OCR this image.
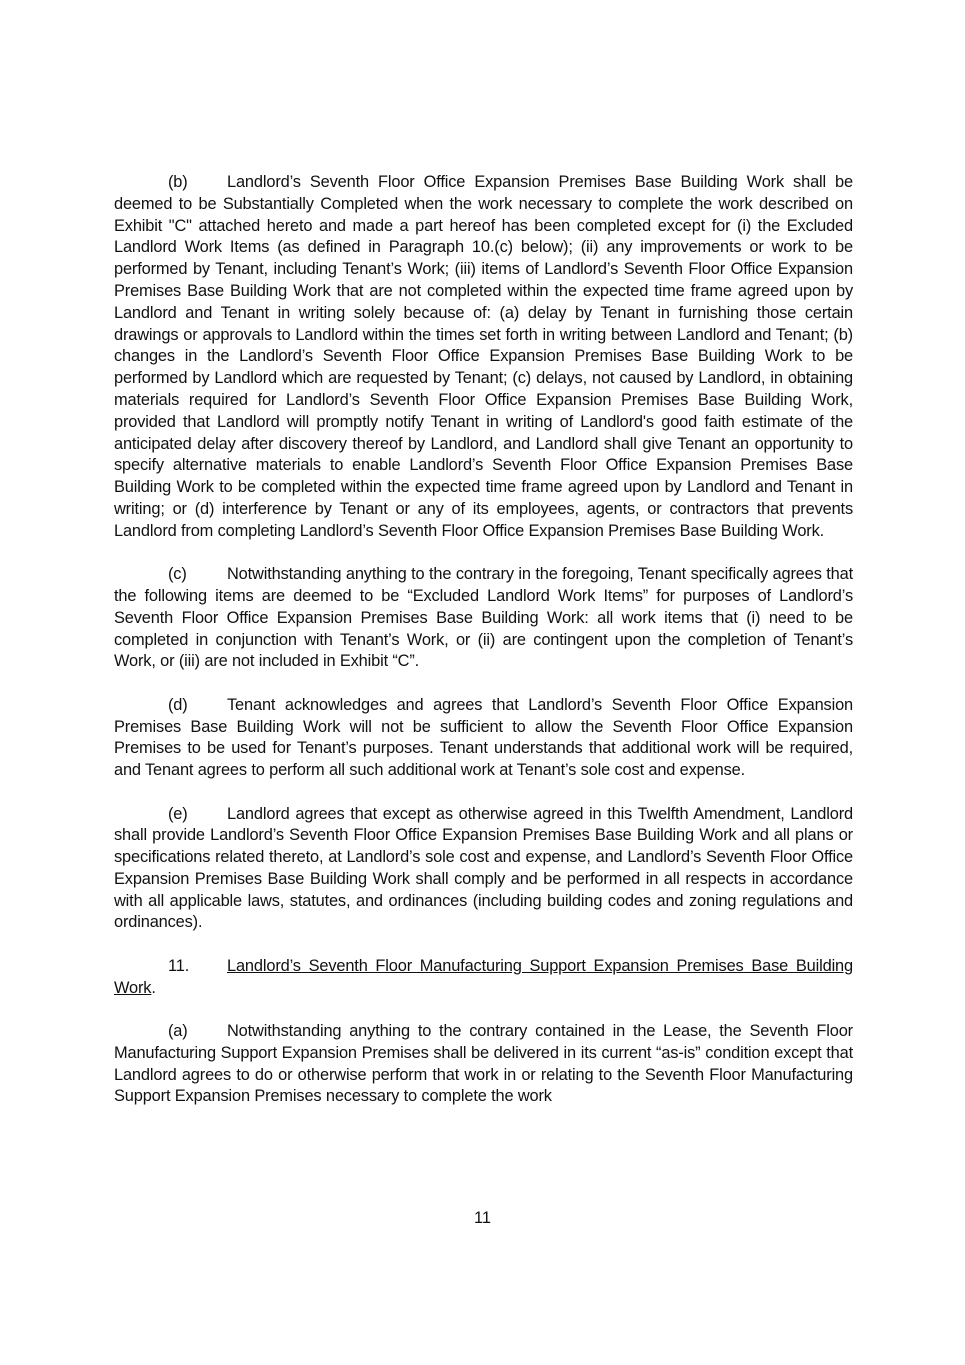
(b) Landlord’s Seventh Floor Office Expansion Premises Base Building Work shall be deemed to be Substantially Completed when the work necessary to complete the work described on Exhibit "C" attached hereto and made a part hereof has been completed except for (i) the Excluded Landlord Work Items (as defined in Paragraph 10.(c) below); (ii) any improvements or work to be performed by Tenant, including Tenant’s Work; (iii) items of Landlord’s Seventh Floor Office Expansion Premises Base Building Work that are not completed within the expected time frame agreed upon by Landlord and Tenant in writing solely because of: (a) delay by Tenant in furnishing those certain drawings or approvals to Landlord within the times set forth in writing between Landlord and Tenant; (b) changes in the Landlord’s Seventh Floor Office Expansion Premises Base Building Work to be performed by Landlord which are requested by Tenant; (c) delays, not caused by Landlord, in obtaining materials required for Landlord’s Seventh Floor Office Expansion Premises Base Building Work, provided that Landlord will promptly notify Tenant in writing of Landlord's good faith estimate of the anticipated delay after discovery thereof by Landlord, and Landlord shall give Tenant an opportunity to specify alternative materials to enable Landlord’s Seventh Floor Office Expansion Premises Base Building Work to be completed within the expected time frame agreed upon by Landlord and Tenant in writing; or (d) interference by Tenant or any of its employees, agents, or contractors that prevents Landlord from completing Landlord’s Seventh Floor Office Expansion Premises Base Building Work.

(c) Notwithstanding anything to the contrary in the foregoing, Tenant specifically agrees that the following items are deemed to be “Excluded Landlord Work Items” for purposes of Landlord’s Seventh Floor Office Expansion Premises Base Building Work: all work items that (i) need to be completed in conjunction with Tenant’s Work, or (ii) are contingent upon the completion of Tenant’s Work, or (iii) are not included in Exhibit “C”.

(d) Tenant acknowledges and agrees that Landlord’s Seventh Floor Office Expansion Premises Base Building Work will not be sufficient to allow the Seventh Floor Office Expansion Premises to be used for Tenant’s purposes. Tenant understands that additional work will be required, and Tenant agrees to perform all such additional work at Tenant’s sole cost and expense.

(e) Landlord agrees that except as otherwise agreed in this Twelfth Amendment, Landlord shall provide Landlord’s Seventh Floor Office Expansion Premises Base Building Work and all plans or specifications related thereto, at Landlord’s sole cost and expense, and Landlord’s Seventh Floor Office Expansion Premises Base Building Work shall comply and be performed in all respects in accordance with all applicable laws, statutes, and ordinances (including building codes and zoning regulations and ordinances).

11. Landlord’s Seventh Floor Manufacturing Support Expansion Premises Base Building Work.

(a) Notwithstanding anything to the contrary contained in the Lease, the Seventh Floor Manufacturing Support Expansion Premises shall be delivered in its current “as-is” condition except that Landlord agrees to do or otherwise perform that work in or relating to the Seventh Floor Manufacturing Support Expansion Premises necessary to complete the work

11
